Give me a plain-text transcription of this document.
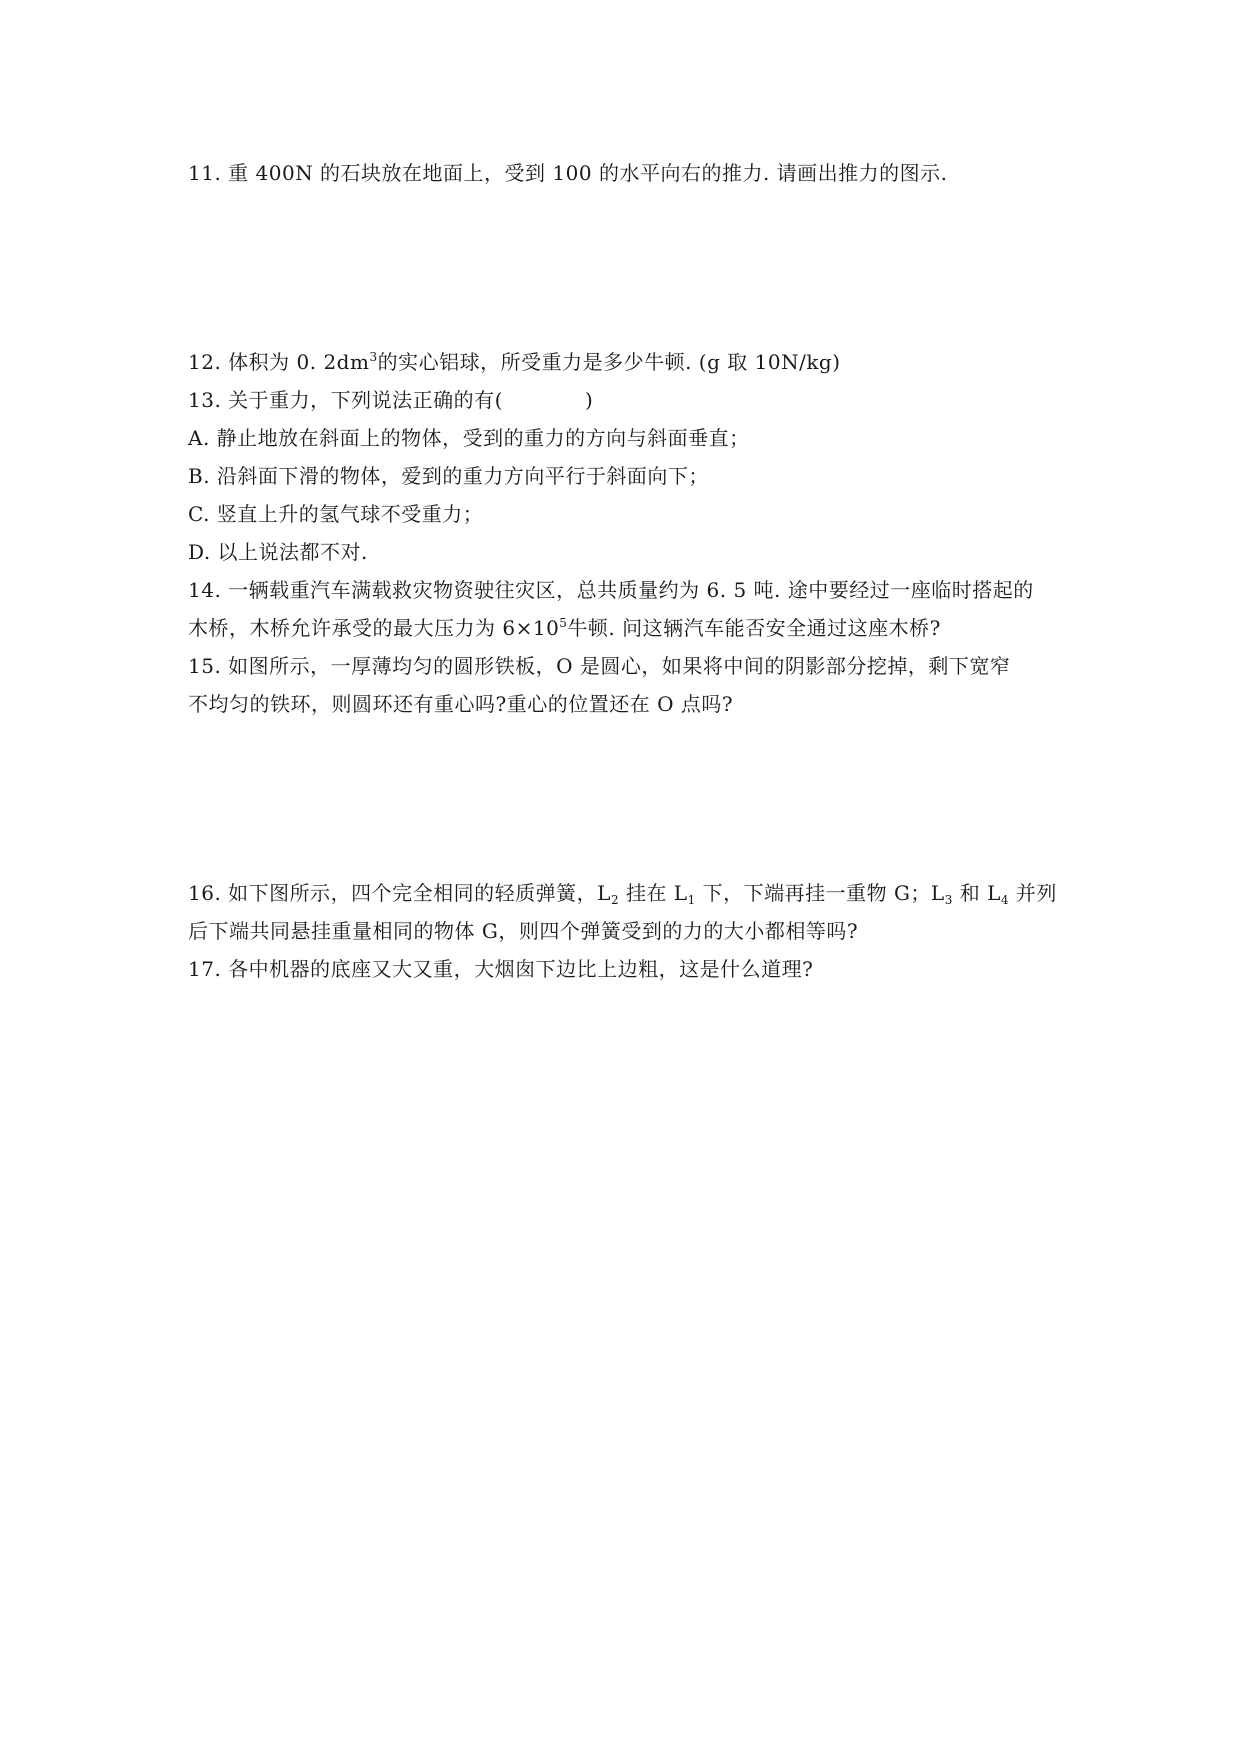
11. 重 400N 的石块放在地面上，受到 100 的水平向右的推力. 请画出推力的图示.
12. 体积为 0. $2dm^3$的实心铝球，所受重力是多少牛顿. (g 取 10N/kg)
13. 关于重力，下列说法正确的有(　　　　)
A. 静止地放在斜面上的物体，受到的重力的方向与斜面垂直；
B. 沿斜面下滑的物体，爱到的重力方向平行于斜面向下；
C. 竖直上升的氢气球不受重力；
D. 以上说法都不对.
14. 一辆载重汽车满载救灾物资驶往灾区，总共质量约为 6. 5 吨. 途中要经过一座临时搭起的
木桥，木桥允许承受的最大压力为 $6\times 10^5$牛顿. 问这辆汽车能否安全通过这座木桥?
15. 如图所示，一厚薄均匀的圆形铁板，O 是圆心，如果将中间的阴影部分挖掉，剩下宽窄
不均匀的铁环，则圆环还有重心吗?重心的位置还在 O 点吗?
16. 如下图所示，四个完全相同的轻质弹簧，$L_2$ 挂在 $L_1$ 下，下端再挂一重物 G；$L_3$ 和 $L_4$ 并列
后下端共同悬挂重量相同的物体 G，则四个弹簧受到的力的大小都相等吗?
17. 各中机器的底座又大又重，大烟囱下边比上边粗，这是什么道理?
